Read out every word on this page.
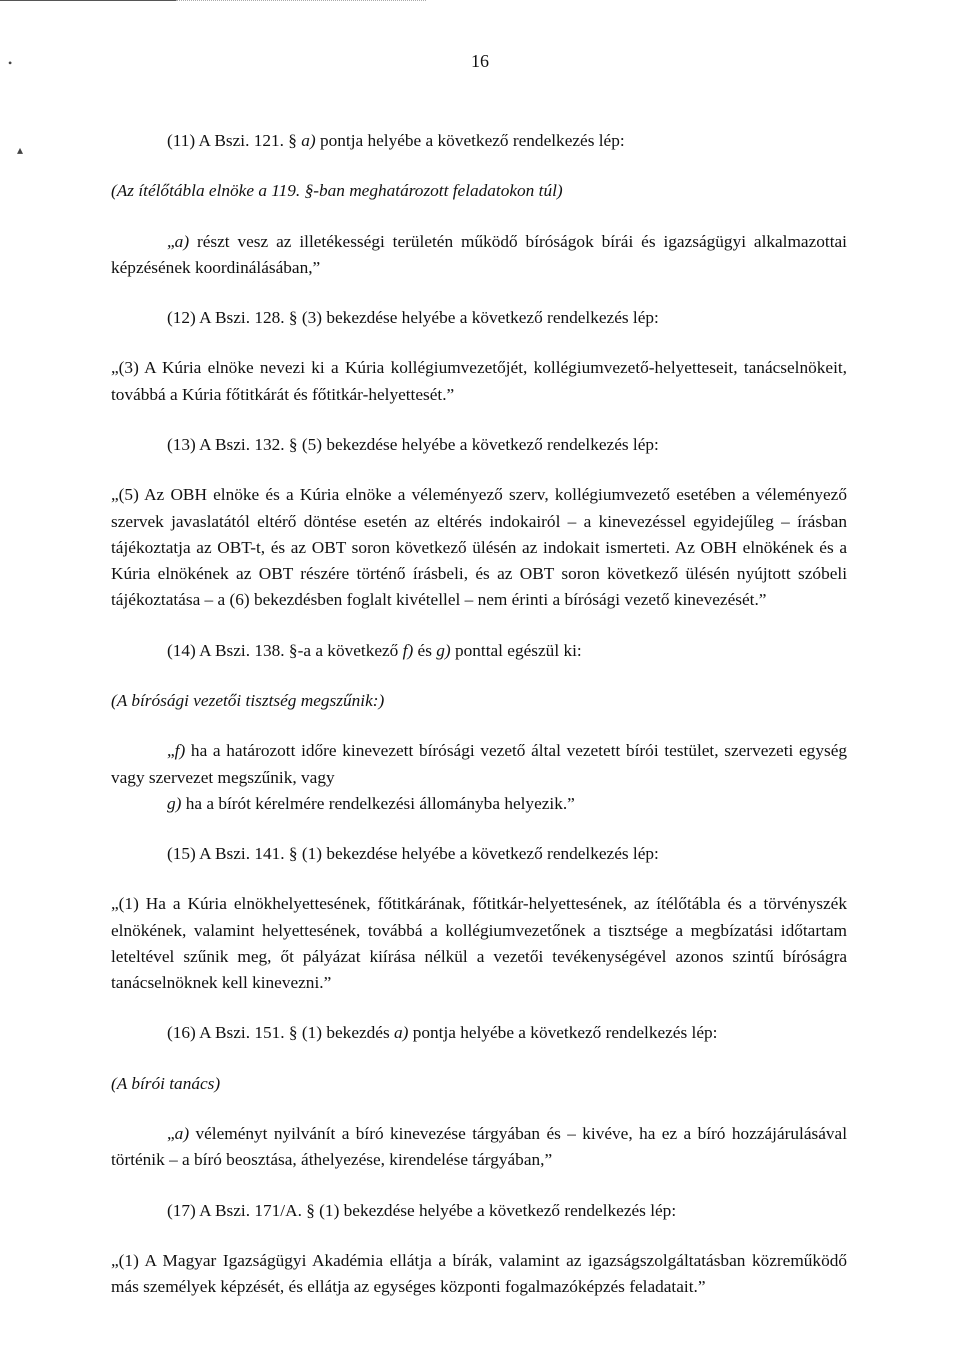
•
▴
16

(11) A Bszi. 121. § a) pontja helyébe a következő rendelkezés lép:

(Az ítélőtábla elnöke a 119. §-ban meghatározott feladatokon túl)

„a) részt vesz az illetékességi területén működő bíróságok bírái és igazságügyi alkalmazottai képzésének koordinálásában,”

(12) A Bszi. 128. § (3) bekezdése helyébe a következő rendelkezés lép:

„(3) A Kúria elnöke nevezi ki a Kúria kollégiumvezetőjét, kollégiumvezető-helyetteseit, tanácselnökeit, továbbá a Kúria főtitkárát és főtitkár-helyettesét.”

(13) A Bszi. 132. § (5) bekezdése helyébe a következő rendelkezés lép:

„(5) Az OBH elnöke és a Kúria elnöke a véleményező szerv, kollégiumvezető esetében a véleményező szervek javaslatától eltérő döntése esetén az eltérés indokairól – a kinevezéssel egyidejűleg – írásban tájékoztatja az OBT-t, és az OBT soron következő ülésén az indokait ismerteti. Az OBH elnökének és a Kúria elnökének az OBT részére történő írásbeli, és az OBT soron következő ülésén nyújtott szóbeli tájékoztatása – a (6) bekezdésben foglalt kivétellel – nem érinti a bírósági vezető kinevezését.”

(14) A Bszi. 138. §-a a következő f) és g) ponttal egészül ki:

(A bírósági vezetői tisztség megszűnik:)

„f) ha a határozott időre kinevezett bírósági vezető által vezetett bírói testület, szervezeti egység vagy szervezet megszűnik, vagy

g) ha a bírót kérelmére rendelkezési állományba helyezik.”

(15) A Bszi. 141. § (1) bekezdése helyébe a következő rendelkezés lép:

„(1) Ha a Kúria elnökhelyettesének, főtitkárának, főtitkár-helyettesének, az ítélőtábla és a törvényszék elnökének, valamint helyettesének, továbbá a kollégiumvezetőnek a tisztsége a megbízatási időtartam leteltével szűnik meg, őt pályázat kiírása nélkül a vezetői tevékenységével azonos szintű bíróságra tanácselnöknek kell kinevezni.”

(16) A Bszi. 151. § (1) bekezdés a) pontja helyébe a következő rendelkezés lép:

(A bírói tanács)

„a) véleményt nyilvánít a bíró kinevezése tárgyában és – kivéve, ha ez a bíró hozzájárulásával történik – a bíró beosztása, áthelyezése, kirendelése tárgyában,”

(17) A Bszi. 171/A. § (1) bekezdése helyébe a következő rendelkezés lép:

„(1) A Magyar Igazságügyi Akadémia ellátja a bírák, valamint az igazságszolgáltatásban közreműködő más személyek képzését, és ellátja az egységes központi fogalmazóképzés feladatait.”
